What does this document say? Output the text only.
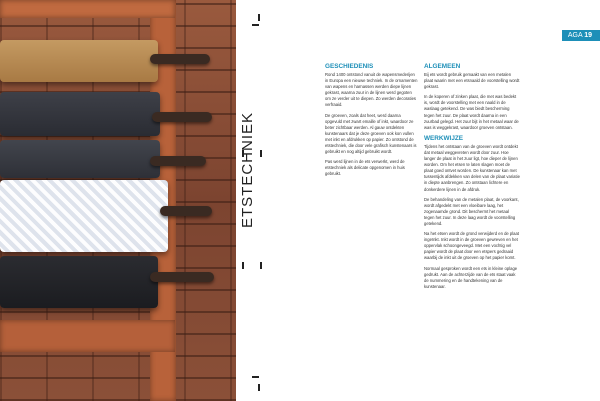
ETSTECHNIEK
AGA 19
GESCHIEDENIS

Rond 1400 ontstond vanuit de wapensmederijen in Europa een nieuwe techniek. In de ornamenten van wapens en harnassen werden diepe lijnen gekrast, waarna zuur in de lijnen werd gegoten om ze verder uit te diepen. Zo werden decoraties verfraaid.

De groeven, zoals dat heet, werd daarna opgevuld met zwart emaille of inkt, waardoor ze beter zichtbaar werden. Al gauw ontdekten kunstenaars dat je deze groeven ook kon vullen met inkt en afdrukken op papier. Zo ontstond de etstechniek, die door vele grafisch kunstenaars is gebruikt en nog altijd gebruikt wordt.

Pas werd lijnen in de ets verwerkt, werd de etstechniek als delicate opgenomen in huis gebruikt.

ALGEMEEN

Bij ets wordt gebruik gemaakt van een metalen plaat waarin met een etsnaald de voorstelling wordt gekrast.

In de koperen of zinken plaat, die met was bedekt is, wordt de voorstelling met een naald in de waslaag getekend. De was biedt bescherming tegen het zuur. De plaat wordt daarna in een zuurbad gelegd. Het zuur bijt in het metaal waar de was is weggekrast, waardoor groeven ontstaan.

WERKWIJZE

Tijdens het ontstaan van de groeven wordt ontdekt dat metaal weggevreten wordt door zuur. Hoe langer de plaat in het zuur ligt, hoe dieper de lijnen worden. Om het etsen te laten slagen moet de plaat goed ontvet worden. De kunstenaar kan met tussentijds afdekken van delen van de plaat variatie in diepte aanbrengen. Zo ontstaan lichtere en donkerdere lijnen in de afdruk.

De behandeling van de metalen plaat, de voorkant, wordt afgedekt met een vloeibare laag, het zogenaamde grond. Dit beschermt het metaal tegen het zuur. In deze laag wordt de voorstelling getekend.

Na het etsen wordt de grond verwijderd en de plaat ingeïnkt. Inkt wordt in de groeven gewreven en het oppervlak schoongeveegd. Met een vochtig vel papier wordt de plaat door een etspers gedraaid waarbij de inkt uit de groeven op het papier komt.

Normaal gesproken wordt een ets in kleine oplage gedrukt. Aan de achterzijde van de ets staat vaak de nummering en de handtekening van de kunstenaar.
